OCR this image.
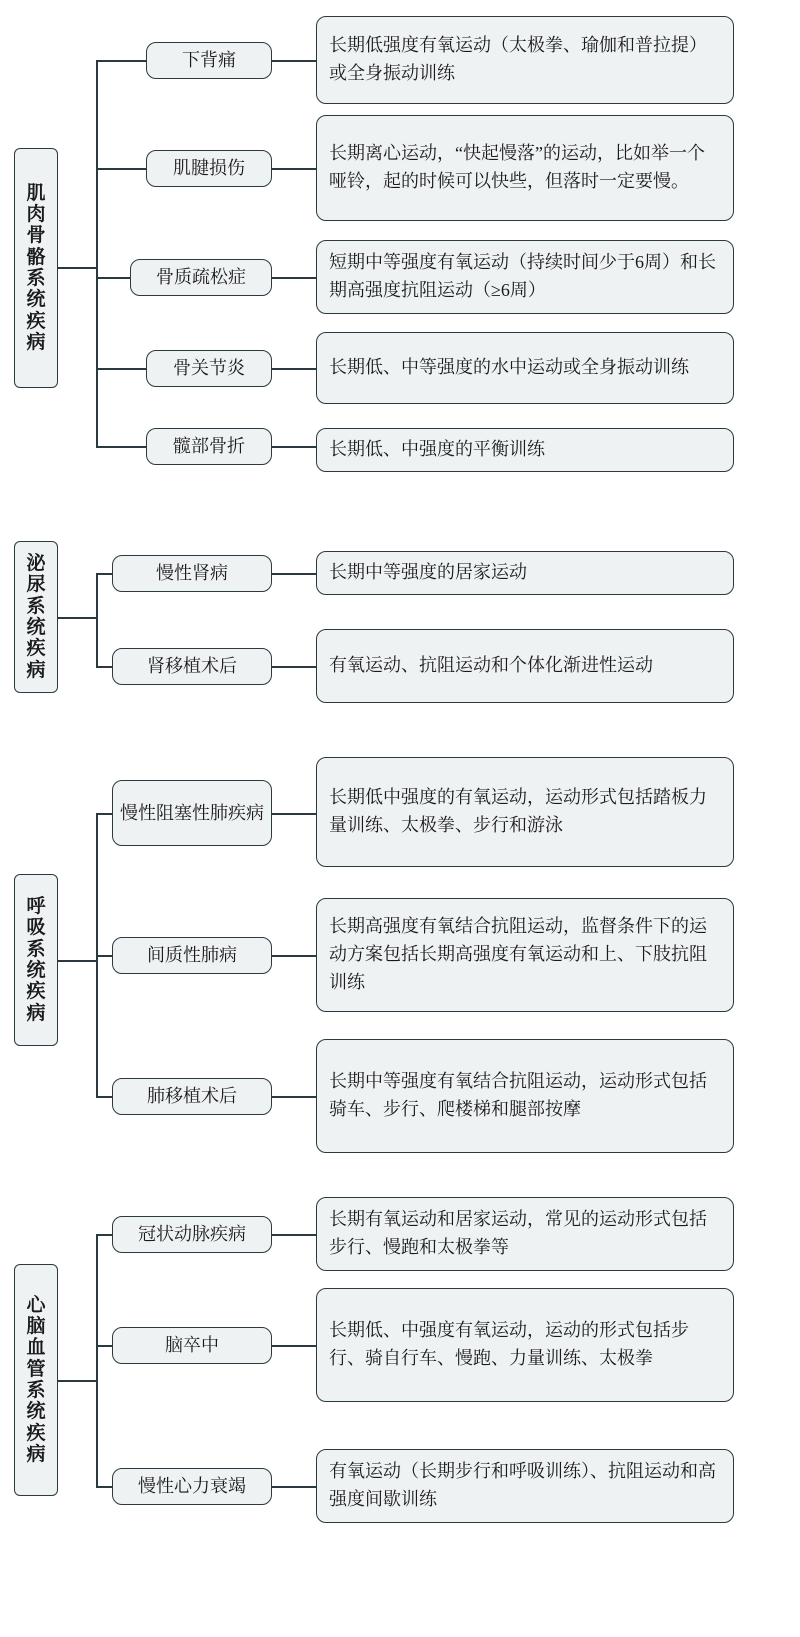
肌肉骨骼系统疾病
下背痛
长期低强度有氧运动（太极拳、瑜伽和普拉提）或全身振动训练
肌腱损伤
长期离心运动，“快起慢落”的运动，比如举一个哑铃，起的时候可以快些，但落时一定要慢。
骨质疏松症
短期中等强度有氧运动（持续时间少于6周）和长期高强度抗阻运动（≥6周）
骨关节炎	长期低、中等强度的水中运动或全身振动训练
髋部骨折	长期低、中强度的平衡训练
泌尿系统疾病
慢性肾病	长期中等强度的居家运动
肾移植术后	有氧运动、抗阻运动和个体化渐进性运动
呼吸系统疾病
慢性阻塞性肺疾病
长期低中强度的有氧运动，运动形式包括踏板力量训练、太极拳、步行和游泳
间质性肺病
长期高强度有氧结合抗阻运动，监督条件下的运动方案包括长期高强度有氧运动和上、下肢抗阻训练
肺移植术后
长期中等强度有氧结合抗阻运动，运动形式包括骑车、步行、爬楼梯和腿部按摩
心脑血管系统疾病
冠状动脉疾病
长期有氧运动和居家运动，常见的运动形式包括步行、慢跑和太极拳等
脑卒中
长期低、中强度有氧运动，运动的形式包括步行、骑自行车、慢跑、力量训练、太极拳
慢性心力衰竭
有氧运动（长期步行和呼吸训练）、抗阻运动和高强度间歇训练
